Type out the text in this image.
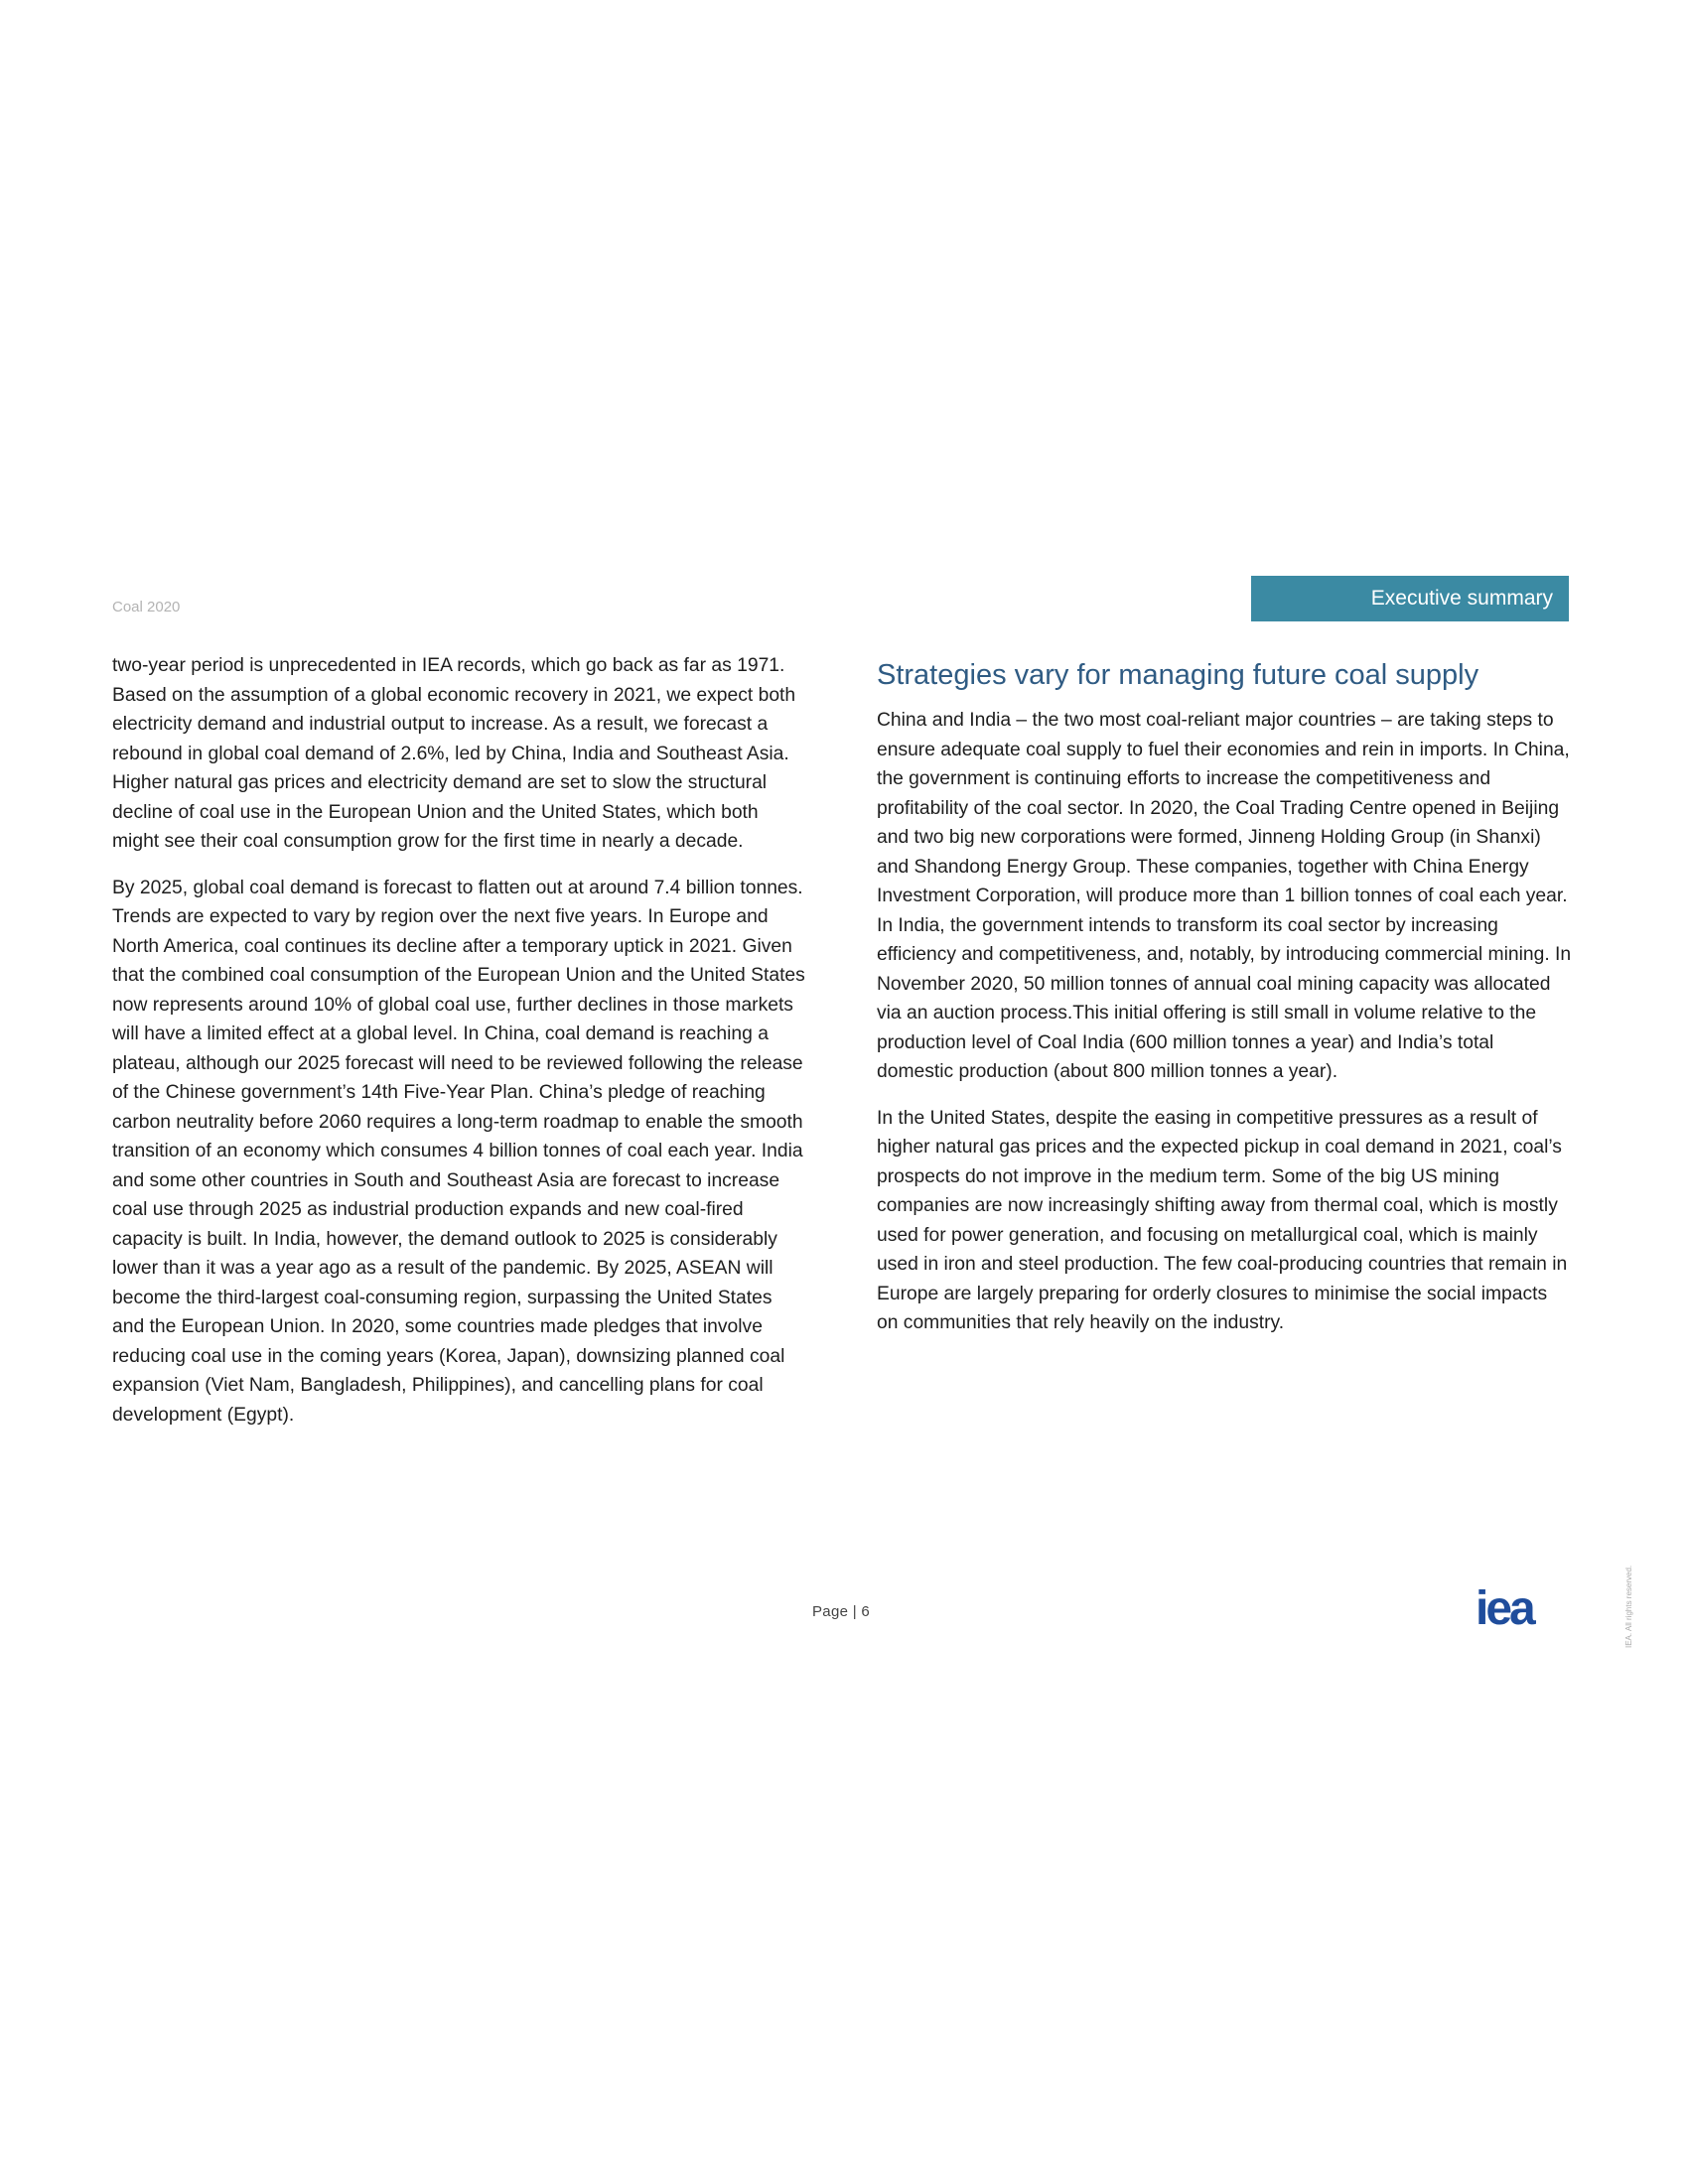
Coal 2020	Executive summary

two-year period is unprecedented in IEA records, which go back as far as 1971. Based on the assumption of a global economic recovery in 2021, we expect both electricity demand and industrial output to increase. As a result, we forecast a rebound in global coal demand of 2.6%, led by China, India and Southeast Asia. Higher natural gas prices and electricity demand are set to slow the structural decline of coal use in the European Union and the United States, which both might see their coal consumption grow for the first time in nearly a decade.

By 2025, global coal demand is forecast to flatten out at around 7.4 billion tonnes. Trends are expected to vary by region over the next five years. In Europe and North America, coal continues its decline after a temporary uptick in 2021. Given that the combined coal consumption of the European Union and the United States now represents around 10% of global coal use, further declines in those markets will have a limited effect at a global level. In China, coal demand is reaching a plateau, although our 2025 forecast will need to be reviewed following the release of the Chinese government’s 14th Five-Year Plan. China’s pledge of reaching carbon neutrality before 2060 requires a long-term roadmap to enable the smooth transition of an economy which consumes 4 billion tonnes of coal each year. India and some other countries in South and Southeast Asia are forecast to increase coal use through 2025 as industrial production expands and new coal-fired capacity is built. In India, however, the demand outlook to 2025 is considerably lower than it was a year ago as a result of the pandemic. By 2025, ASEAN will become the third-largest coal-consuming region, surpassing the United States and the European Union. In 2020, some countries made pledges that involve reducing coal use in the coming years (Korea, Japan), downsizing planned coal expansion (Viet Nam, Bangladesh, Philippines), and cancelling plans for coal development (Egypt).

Strategies vary for managing future coal supply

China and India – the two most coal-reliant major countries – are taking steps to ensure adequate coal supply to fuel their economies and rein in imports. In China, the government is continuing efforts to increase the competitiveness and profitability of the coal sector. In 2020, the Coal Trading Centre opened in Beijing and two big new corporations were formed, Jinneng Holding Group (in Shanxi) and Shandong Energy Group. These companies, together with China Energy Investment Corporation, will produce more than 1 billion tonnes of coal each year. In India, the government intends to transform its coal sector by increasing efficiency and competitiveness, and, notably, by introducing commercial mining. In November 2020, 50 million tonnes of annual coal mining capacity was allocated via an auction process.This initial offering is still small in volume relative to the production level of Coal India (600 million tonnes a year) and India’s total domestic production (about 800 million tonnes a year).

In the United States, despite the easing in competitive pressures as a result of higher natural gas prices and the expected pickup in coal demand in 2021, coal’s prospects do not improve in the medium term. Some of the big US mining companies are now increasingly shifting away from thermal coal, which is mostly used for power generation, and focusing on metallurgical coal, which is mainly used in iron and steel production. The few coal-producing countries that remain in Europe are largely preparing for orderly closures to minimise the social impacts on communities that rely heavily on the industry.

Page | 6	iea	IEA. All rights reserved.
